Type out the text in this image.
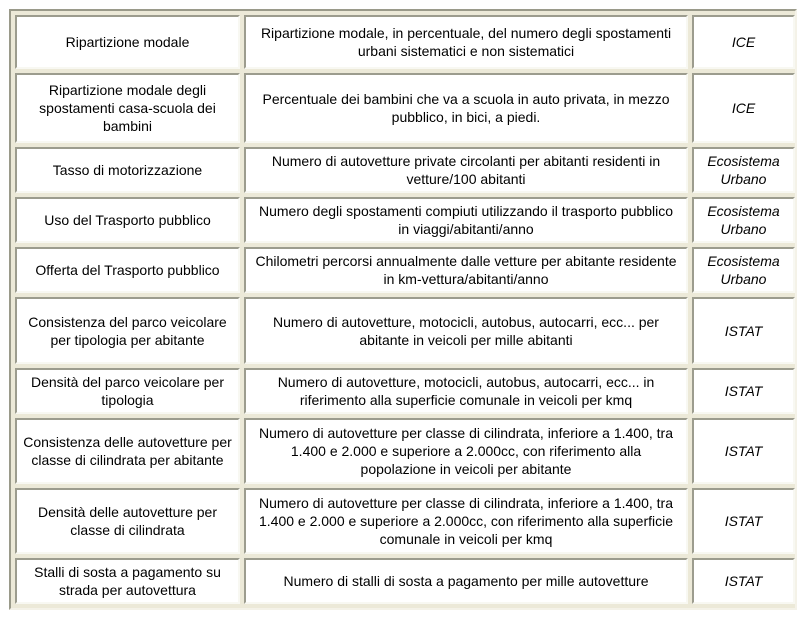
Ripartizione modale	Ripartizione modale, in percentuale, del numero degli spostamenti urbani sistematici e non sistematici	ICE
Ripartizione modale degli spostamenti casa-scuola dei bambini	Percentuale dei bambini che va a scuola in auto privata, in mezzo pubblico, in bici, a piedi.	ICE
Tasso di motorizzazione	Numero di autovetture private circolanti per abitanti residenti in vetture/100 abitanti	Ecosistema Urbano
Uso del Trasporto pubblico	Numero degli spostamenti compiuti utilizzando il trasporto pubblico in viaggi/abitanti/anno	Ecosistema Urbano
Offerta del Trasporto pubblico	Chilometri percorsi annualmente dalle vetture per abitante residente in km-vettura/abitanti/anno	Ecosistema Urbano
Consistenza del parco veicolare per tipologia per abitante	Numero di autovetture, motocicli, autobus, autocarri, ecc... per abitante in veicoli per mille abitanti	ISTAT
Densità del parco veicolare per tipologia	Numero di autovetture, motocicli, autobus, autocarri, ecc... in riferimento alla superficie comunale in veicoli per kmq	ISTAT
Consistenza delle autovetture per classe di cilindrata per abitante	Numero di autovetture per classe di cilindrata, inferiore a 1.400, tra 1.400 e 2.000 e superiore a 2.000cc, con riferimento alla popolazione in veicoli per abitante	ISTAT
Densità delle autovetture per classe di cilindrata	Numero di autovetture per classe di cilindrata, inferiore a 1.400, tra 1.400 e 2.000 e superiore a 2.000cc, con riferimento alla superficie comunale in veicoli per kmq	ISTAT
Stalli di sosta a pagamento su strada per autovettura	Numero di stalli di sosta a pagamento per mille autovetture	ISTAT
